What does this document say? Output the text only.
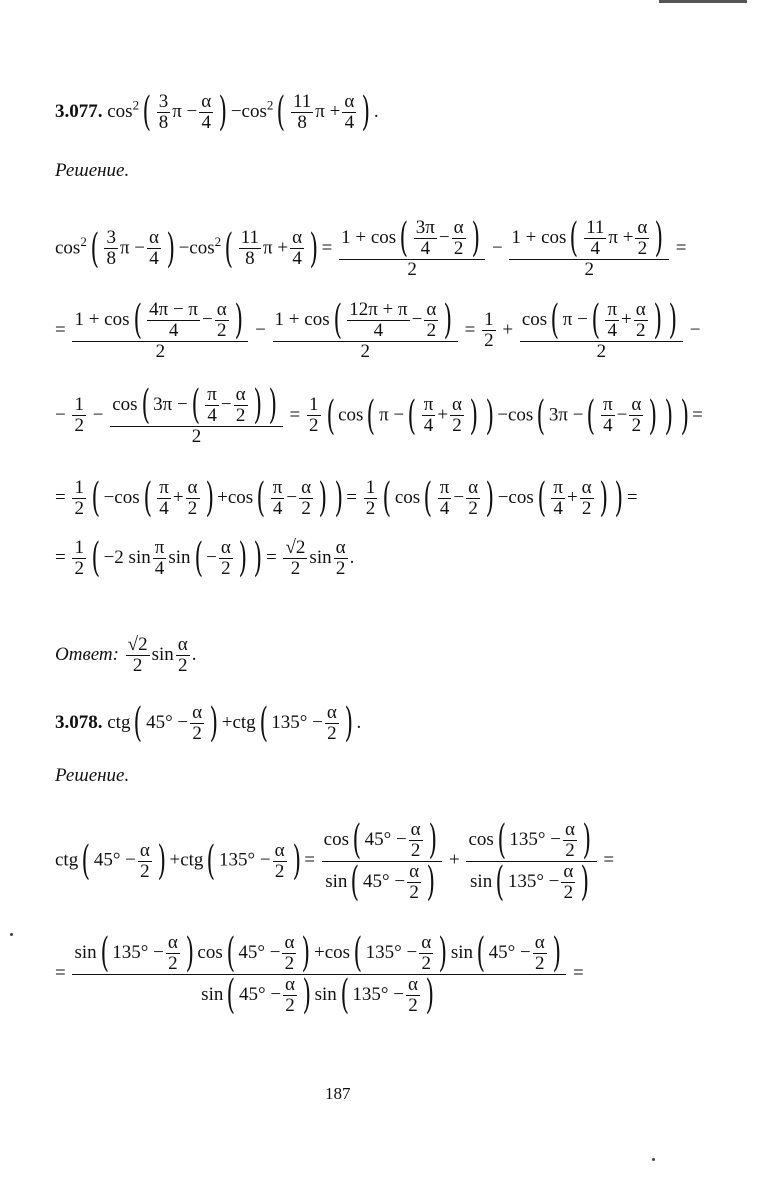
3.077. $\cos^2( \frac{3}{8}$ $\pi - \frac{\alpha}{4}$ ) $-\cos^2( \frac{11}{8}$ $\pi + \frac{\alpha}{4}$ ) .
Решение.
$\cos^2( \frac{3}{8}$ $\pi - \frac{\alpha}{4}$ ) $-\cos^2( \frac{11}{8}$ $\pi + \frac{\alpha}{4}$ ) = $\frac{1 + \cos( \frac{3\pi}{4} - \frac{\alpha}{2} )}{2} - \frac{1 + \cos( \frac{11}{4} \pi + \frac{\alpha}{2} )}{2}$ =
= $\frac{1 + \cos( \frac{4\pi - \pi}{4} - \frac{\alpha}{2} )}{2} - \frac{1 + \cos( \frac{12\pi + \pi}{4} - \frac{\alpha}{2} )}{2} = \frac{1}{2} + \frac{\cos( \pi -( \frac{\pi}{4} + \frac{\alpha}{2} ) )}{2}$ −
− $\frac{1}{2} - \frac{\cos( 3\pi -( \frac{\pi}{4} - \frac{\alpha}{2} ) )}{2} = \frac{1}{2}$ ( cos( π −( $\frac{\pi}{4} + \frac{\alpha}{2}$ ) ) −cos( 3π −( $\frac{\pi}{4} - \frac{\alpha}{2}$ ) ) ) =
= $\frac{1}{2}$ ( $-\cos( \frac{\pi}{4} + \frac{\alpha}{2}$ ) $+\cos( \frac{\pi}{4} - \frac{\alpha}{2}$ ) ) = $\frac{1}{2}$ ( $\cos( \frac{\pi}{4} - \frac{\alpha}{2}$ ) $-\cos( \frac{\pi}{4} + \frac{\alpha}{2}$ ) ) =
= $\frac{1}{2}$ ( −2 $\sin \frac{\pi}{4} \sin( - \frac{\alpha}{2}$ ) ) = $\frac{√2}{2}$ $\sin \frac{\alpha}{2}$ .
Ответ: $\frac{√2}{2}$ $\sin \frac{\alpha}{2}$ .
3.078. ctg( $45^\circ - \frac{\alpha}{2}$ ) +ctg( $135^\circ - \frac{\alpha}{2}$ ) .
Решение.
ctg( $45^\circ - \frac{\alpha}{2}$ ) +ctg( $135^\circ - \frac{\alpha}{2}$ ) = $\frac{\cos( 45^\circ - \frac{\alpha}{2} )}{\sin( 45^\circ - \frac{\alpha}{2} )} + \frac{\cos( 135^\circ - \frac{\alpha}{2} )}{\sin( 135^\circ - \frac{\alpha}{2} )}$ =
= $\frac{\sin( 135^\circ - \frac{\alpha}{2} ) \cos( 45^\circ - \frac{\alpha}{2} ) +\cos( 135^\circ - \frac{\alpha}{2} ) \sin( 45^\circ - \frac{\alpha}{2} )}{\sin( 45^\circ - \frac{\alpha}{2} ) \sin( 135^\circ - \frac{\alpha}{2} )}$ =
187
